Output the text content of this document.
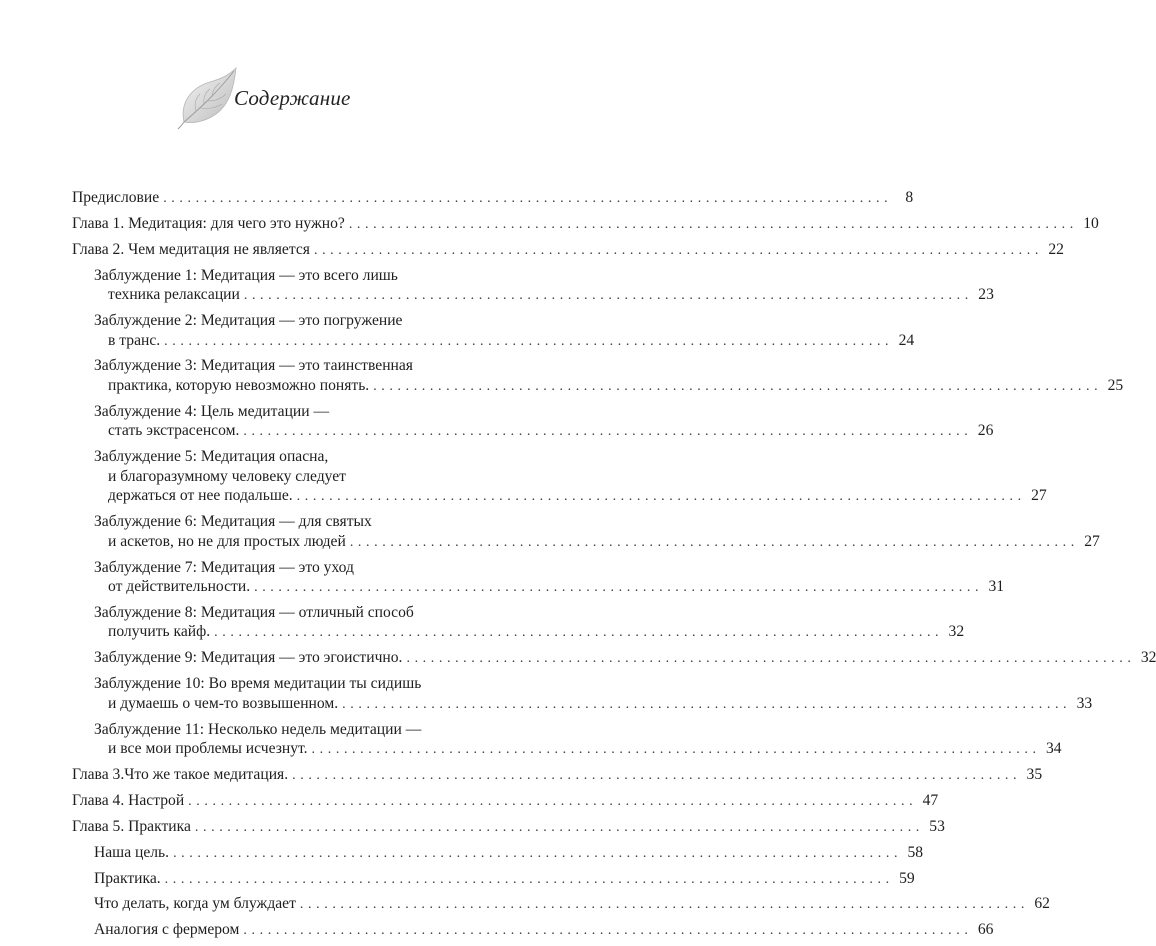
Содержание
Предисловие .......................................................................................... 8
Глава 1. Медитация: для чего это нужно? .......................................................................................... 10
Глава 2. Чем медитация не является .......................................................................................... 22
Заблуждение 1: Медитация — это всего лишь
техника релаксации .......................................................................................... 23
Заблуждение 2: Медитация — это погружение
в транс. .......................................................................................... 24
Заблуждение 3: Медитация — это таинственная
практика, которую невозможно понять. .......................................................................................... 25
Заблуждение 4: Цель медитации —
стать экстрасенсом. .......................................................................................... 26
Заблуждение 5: Медитация опасна,
и благоразумному человеку следует
держаться от нее подальше. .......................................................................................... 27
Заблуждение 6: Медитация — для святых
и аскетов, но не для простых людей .......................................................................................... 27
Заблуждение 7: Медитация — это уход
от действительности. .......................................................................................... 31
Заблуждение 8: Медитация — отличный способ
получить кайф. .......................................................................................... 32
Заблуждение 9: Медитация — это эгоистично. .......................................................................................... 32
Заблуждение 10: Во время медитации ты сидишь
и думаешь о чем-то возвышенном. .......................................................................................... 33
Заблуждение 11: Несколько недель медитации —
и все мои проблемы исчезнут. .......................................................................................... 34
Глава 3.Что же такое медитация. .......................................................................................... 35
Глава 4. Настрой .......................................................................................... 47
Глава 5. Практика .......................................................................................... 53
Наша цель. .......................................................................................... 58
Практика. .......................................................................................... 59
Что делать, когда ум блуждает .......................................................................................... 62
Аналогия с фермером .......................................................................................... 66
